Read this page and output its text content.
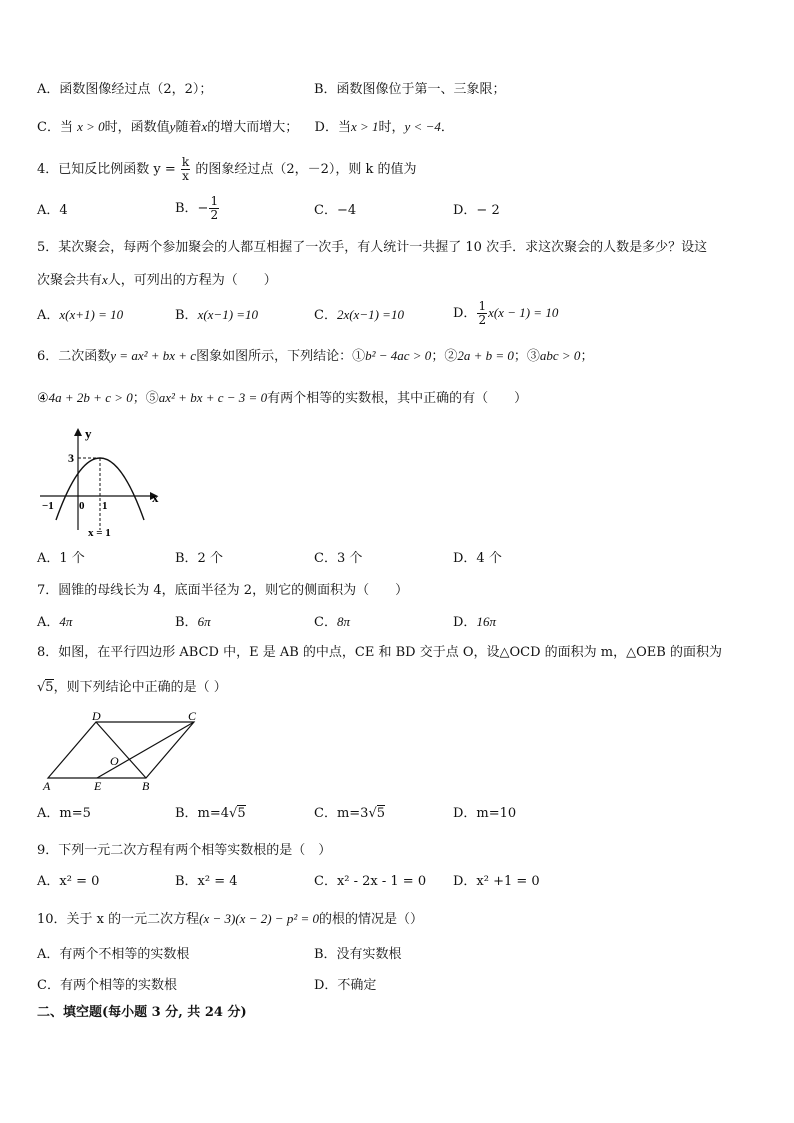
A．函数图像经过点（2，2）；	B．函数图像位于第一、三象限；
C．当 x > 0时，函数值y随着x的增大而增大； D．当x > 1时，y < −4．
4．已知反比例函数 $y = \frac{k}{x}$ 的图象经过点（2，－2），则 k 的值为
A．4	B．− $\frac{1}{2}$	C．−4	D．− 2
5．某次聚会，每两个参加聚会的人都互相握了一次手，有人统计一共握了 10 次手．求这次聚会的人数是多少？设这
次聚会共有x人，可列出的方程为（　　）
A．x(x+1) = 10	B．x(x−1) =10	C．2x(x−1) =10	D． $\frac{1}{2} x(x - 1) = 10$
6．二次函数y = ax² + bx + c图象如图所示，下列结论：①b² − 4ac > 0；②2a + b = 0；③abc > 0；
④4a + 2b + c > 0；⑤ax² + bx + c − 3 = 0有两个相等的实数根，其中正确的有（　　）
y
x
3
−1 0 1
x = 1
A．1 个	B．2 个	C．3 个	D．4 个
7．圆锥的母线长为 4，底面半径为 2，则它的侧面积为（　　）
A．4π	B．6π	C．8π	D．16π
8．如图，在平行四边形 ABCD 中，E 是 AB 的中点，CE 和 BD 交于点 O，设△OCD 的面积为 m，△OEB 的面积为
√5，则下列结论中正确的是（ ）
D	C
O
A	E	B
A．m=5	B．m=4√5	C．m=3√5	D．m=10
9．下列一元二次方程有两个相等实数根的是（　）
A．x² = 0	B．x² = 4	C．x² - 2x - 1 = 0 D．x² +1 = 0
10．关于 x 的一元二次方程(x − 3)(x − 2) − p² = 0的根的情况是（）
A．有两个不相等的实数根	B．没有实数根
C．有两个相等的实数根	D．不确定
二、填空题(每小题 3 分, 共 24 分)
